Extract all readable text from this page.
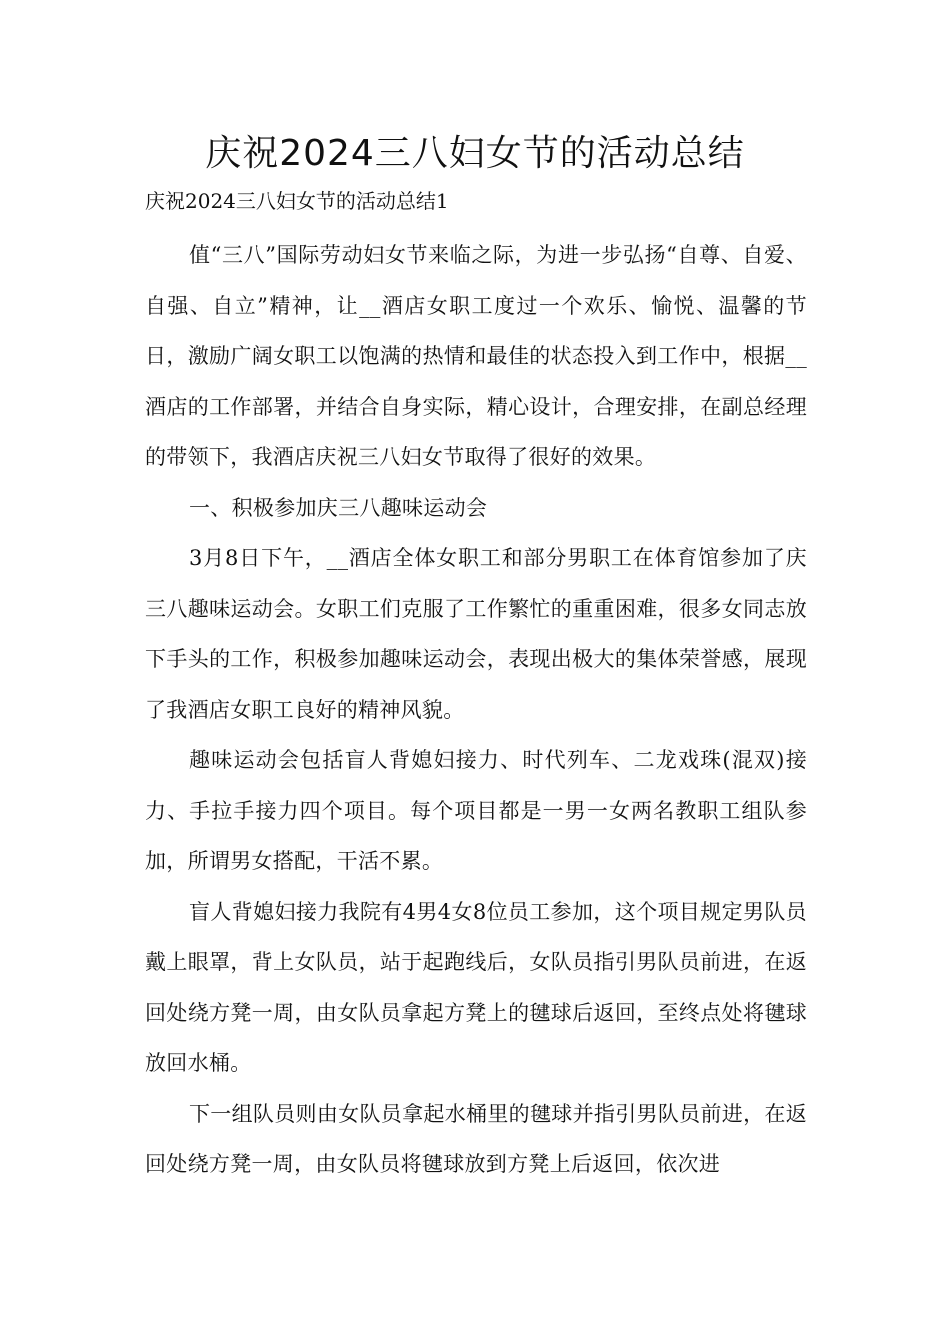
庆祝2024三八妇女节的活动总结

庆祝2024三八妇女节的活动总结1

值“三八”国际劳动妇女节来临之际，为进一步弘扬“自尊、自爱、自强、自立”精神，让__酒店女职工度过一个欢乐、愉悦、温馨的节日，激励广阔女职工以饱满的热情和最佳的状态投入到工作中，根据__酒店的工作部署，并结合自身实际，精心设计，合理安排，在副总经理的带领下，我酒店庆祝三八妇女节取得了很好的效果。

一、积极参加庆三八趣味运动会

3月8日下午，__酒店全体女职工和部分男职工在体育馆参加了庆三八趣味运动会。女职工们克服了工作繁忙的重重困难，很多女同志放下手头的工作，积极参加趣味运动会，表现出极大的集体荣誉感，展现了我酒店女职工良好的精神风貌。

趣味运动会包括盲人背媳妇接力、时代列车、二龙戏珠(混双)接力、手拉手接力四个项目。每个项目都是一男一女两名教职工组队参加，所谓男女搭配，干活不累。

盲人背媳妇接力我院有4男4女8位员工参加，这个项目规定男队员戴上眼罩，背上女队员，站于起跑线后，女队员指引男队员前进，在返回处绕方凳一周，由女队员拿起方凳上的毽球后返回，至终点处将毽球放回水桶。

下一组队员则由女队员拿起水桶里的毽球并指引男队员前进，在返回处绕方凳一周，由女队员将毽球放到方凳上后返回，依次进
